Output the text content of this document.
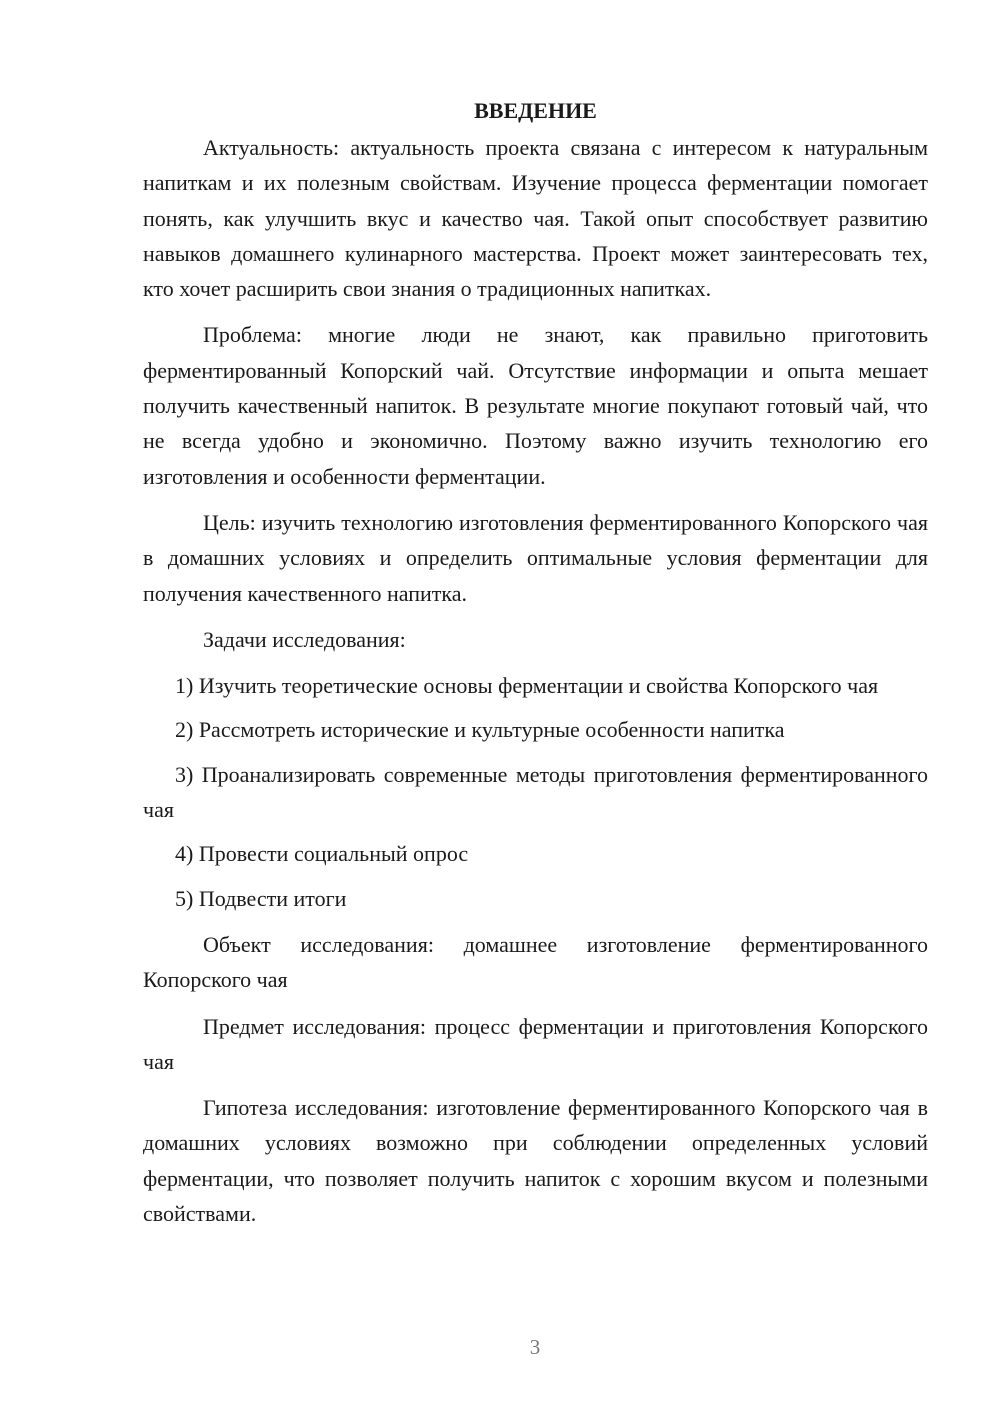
ВВЕДЕНИЕ

Актуальность: актуальность проекта связана с интересом к натуральным напиткам и их полезным свойствам. Изучение процесса ферментации помогает понять, как улучшить вкус и качество чая. Такой опыт способствует развитию навыков домашнего кулинарного мастерства. Проект может заинтересовать тех, кто хочет расширить свои знания о традиционных напитках.

Проблема: многие люди не знают, как правильно приготовить ферментированный Копорский чай. Отсутствие информации и опыта мешает получить качественный напиток. В результате многие покупают готовый чай, что не всегда удобно и экономично. Поэтому важно изучить технологию его изготовления и особенности ферментации.

Цель: изучить технологию изготовления ферментированного Копорского чая в домашних условиях и определить оптимальные условия ферментации для получения качественного напитка.

Задачи исследования:

1) Изучить теоретические основы ферментации и свойства Копорского чая

2) Рассмотреть исторические и культурные особенности напитка

3) Проанализировать современные методы приготовления ферментированного чая

4) Провести социальный опрос

5) Подвести итоги

Объект исследования: домашнее изготовление ферментированного Копорского чая

Предмет исследования: процесс ферментации и приготовления Копорского чая

Гипотеза исследования: изготовление ферментированного Копорского чая в домашних условиях возможно при соблюдении определенных условий ферментации, что позволяет получить напиток с хорошим вкусом и полезными свойствами.

3
